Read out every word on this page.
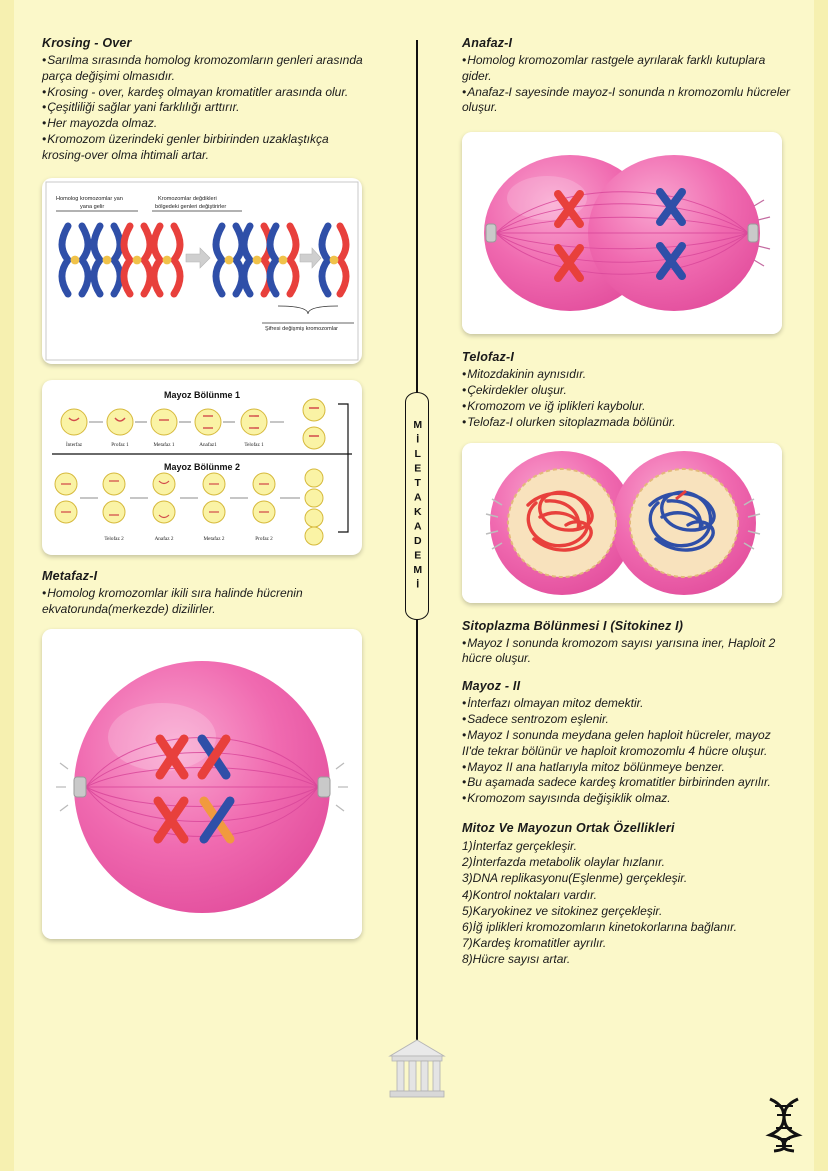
Krosing - Over
• Sarılma sırasında homolog kromozomların genleri arasında parça değişimi olmasıdır.
• Krosing - over, kardeş olmayan kromatitler arasında olur.
• Çeşitliliği sağlar yani farklılığı arttırır.
• Her mayozda olmaz.
• Kromozom üzerindeki genler birbirinden uzaklaştıkça krosing-over olma ihtimali artar.
Homolog kromozomlar yan
yana gelir
Kromozomlar değdikleri
bölgedeki genleri değiştirirler
Şifresi değişmiş kromozomlar
Mayoz Bölünme 1
İnterfaz	Profaz 1	Metafaz 1	Anafaz1	Telofaz 1
Mayoz Bölünme 2
Telofaz 2	Anafaz 2	Metafaz 2	Profaz 2
Metafaz-I
• Homolog kromozomlar ikili sıra halinde hücrenin ekvatorunda(merkezde) dizilirler.
MİLETAKADEMİ
Anafaz-I
• Homolog kromozomlar rastgele ayrılarak farklı kutuplara gider.
• Anafaz-I sayesinde mayoz-I sonunda n kromozomlu hücreler oluşur.
Telofaz-I
• Mitozdakinin aynısıdır.
• Çekirdekler oluşur.
• Kromozom ve iğ iplikleri kaybolur.
• Telofaz-I olurken sitoplazmada bölünür.
Sitoplazma Bölünmesi I (Sitokinez I)
• Mayoz I sonunda kromozom sayısı yarısına iner, Haploit 2 hücre oluşur.
Mayoz - II
• İnterfazı olmayan mitoz demektir.
• Sadece sentrozom eşlenir.
• Mayoz I sonunda meydana gelen haploit hücreler, mayoz II'de tekrar bölünür ve haploit kromozomlu 4 hücre oluşur.
• Mayoz II ana hatlarıyla mitoz bölünmeye benzer.
• Bu aşamada sadece kardeş kromatitler birbirinden ayrılır.
• Kromozom sayısında değişiklik olmaz.
Mitoz Ve Mayozun Ortak Özellikleri
1)İnterfaz gerçekleşir.
2)İnterfazda metabolik olaylar hızlanır.
3)DNA replikasyonu(Eşlenme) gerçekleşir.
4)Kontrol noktaları vardır.
5)Karyokinez ve sitokinez gerçekleşir.
6)İğ iplikleri kromozomların kinetokorlarına bağlanır.
7)Kardeş kromatitler ayrılır.
8)Hücre sayısı artar.
